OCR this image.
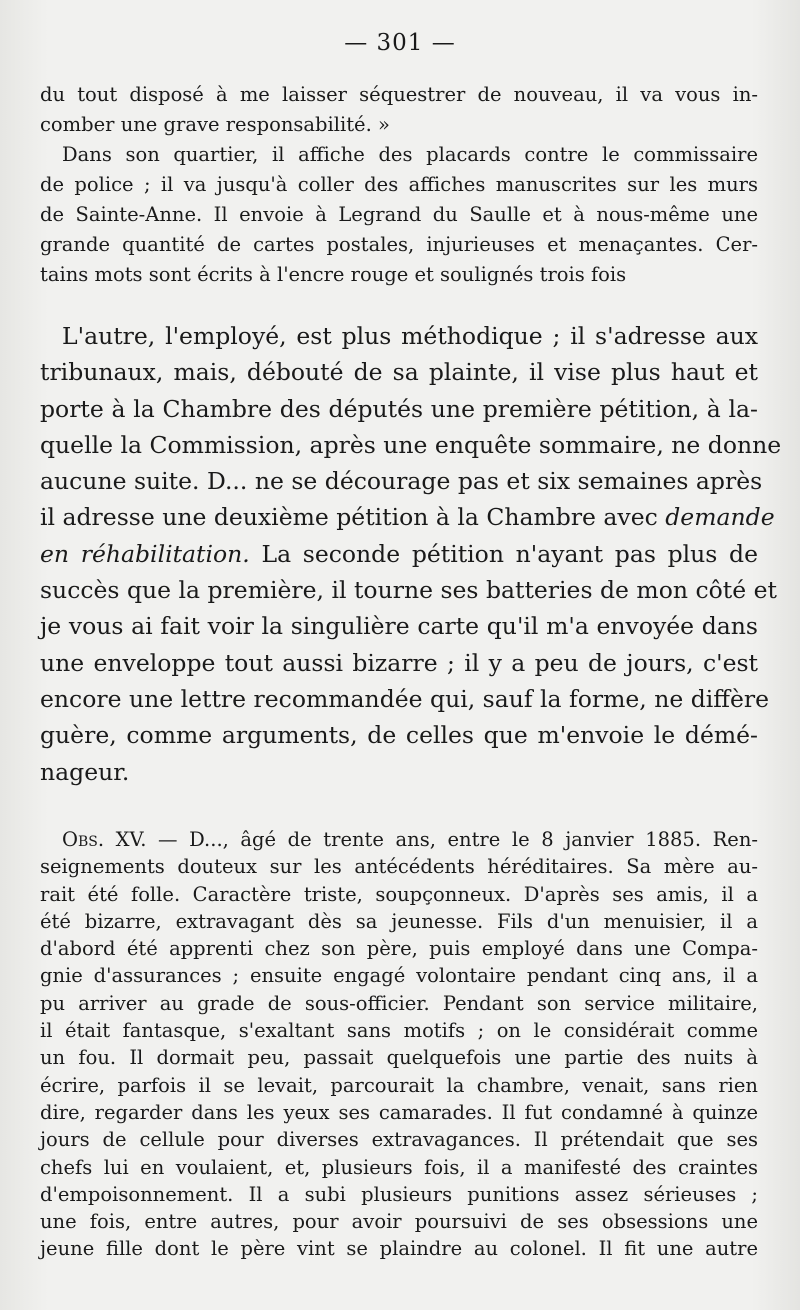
— 301 —
du tout disposé à me laisser séquestrer de nouveau, il va vous in-
comber une grave responsabilité. »
Dans son quartier, il affiche des placards contre le commissaire
de police ; il va jusqu'à coller des affiches manuscrites sur les murs
de Sainte-Anne. Il envoie à Legrand du Saulle et à nous-même une
grande quantité de cartes postales, injurieuses et menaçantes. Cer-
tains mots sont écrits à l'encre rouge et soulignés trois fois
L'autre, l'employé, est plus méthodique ; il s'adresse aux
tribunaux, mais, débouté de sa plainte, il vise plus haut et
porte à la Chambre des députés une première pétition, à la-
quelle la Commission, après une enquête sommaire, ne donne
aucune suite. D... ne se décourage pas et six semaines après
il adresse une deuxième pétition à la Chambre avec demande
en réhabilitation. La seconde pétition n'ayant pas plus de
succès que la première, il tourne ses batteries de mon côté et
je vous ai fait voir la singulière carte qu'il m'a envoyée dans
une enveloppe tout aussi bizarre ; il y a peu de jours, c'est
encore une lettre recommandée qui, sauf la forme, ne diffère
guère, comme arguments, de celles que m'envoie le démé-
nageur.
Obs. XV. — D..., âgé de trente ans, entre le 8 janvier 1885. Ren-
seignements douteux sur les antécédents héréditaires. Sa mère au-
rait été folle. Caractère triste, soupçonneux. D'après ses amis, il a
été bizarre, extravagant dès sa jeunesse. Fils d'un menuisier, il a
d'abord été apprenti chez son père, puis employé dans une Compa-
gnie d'assurances ; ensuite engagé volontaire pendant cinq ans, il a
pu arriver au grade de sous-officier. Pendant son service militaire,
il était fantasque, s'exaltant sans motifs ; on le considérait comme
un fou. Il dormait peu, passait quelquefois une partie des nuits à
écrire, parfois il se levait, parcourait la chambre, venait, sans rien
dire, regarder dans les yeux ses camarades. Il fut condamné à quinze
jours de cellule pour diverses extravagances. Il prétendait que ses
chefs lui en voulaient, et, plusieurs fois, il a manifesté des craintes
d'empoisonnement. Il a subi plusieurs punitions assez sérieuses ;
une fois, entre autres, pour avoir poursuivi de ses obsessions une
jeune fille dont le père vint se plaindre au colonel. Il fit une autre
